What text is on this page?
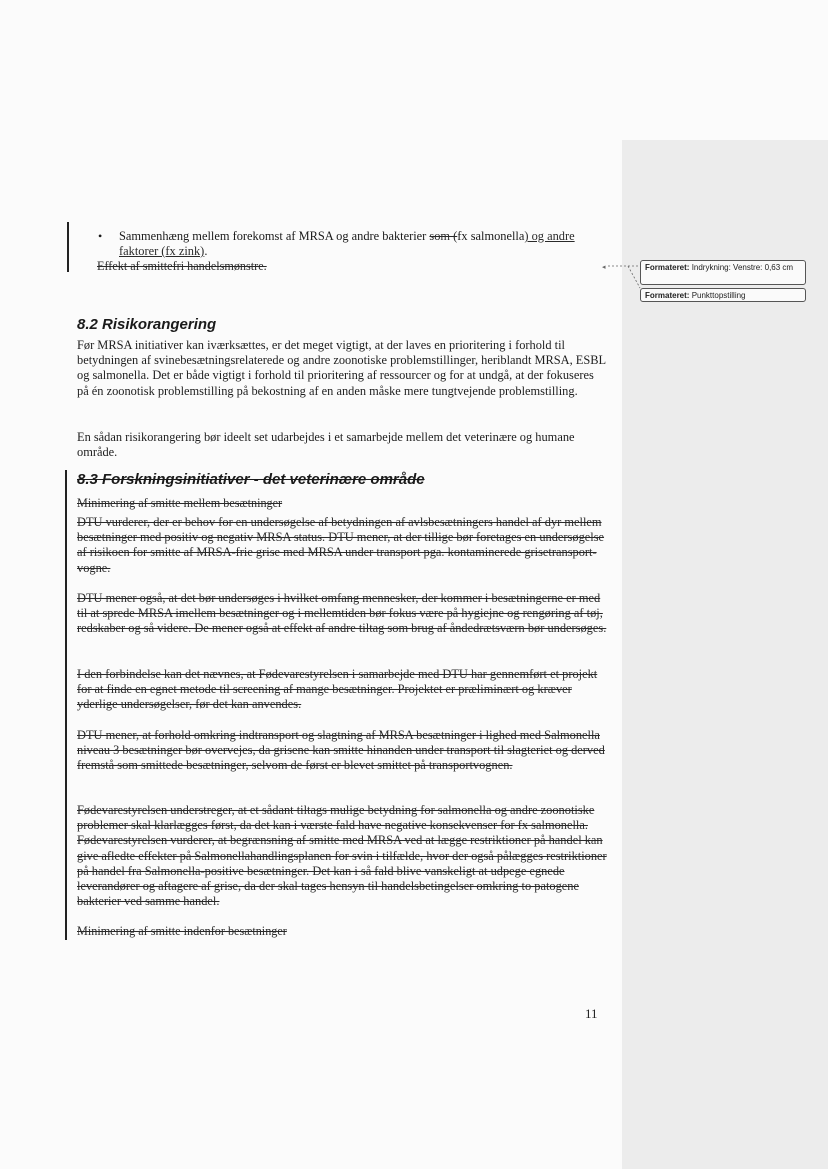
• Sammenhæng mellem forekomst af MRSA og andre bakterier som (fx salmonella) og andre
faktorer (fx zink).
Effekt af smittefri handelsmønstre.	◂	Formateret: Indrykning: Venstre: 0,63 cm
Formateret: Punkttopstilling
8.2 Risikorangering

Før MRSA initiativer kan iværksættes, er det meget vigtigt, at der laves en prioritering i forhold til betydningen af svinebesætningsrelaterede og andre zoonotiske problemstillinger, heriblandt MRSA, ESBL og salmonella. Det er både vigtigt i forhold til prioritering af ressourcer og for at undgå, at der fokuseres på én zoonotisk problemstilling på bekostning af en anden måske mere tungtvejende problemstilling.

En sådan risikorangering bør ideelt set udarbejdes i et samarbejde mellem det veterinære og humane område.

8.3 Forskningsinitiativer - det veterinære område
Minimering af smitte mellem besætninger

DTU vurderer, der er behov for en undersøgelse af betydningen af avlsbesætningers handel af dyr mellem besætninger med positiv og negativ MRSA status. DTU mener, at der tillige bør foretages en undersøgelse af risikoen for smitte af MRSA-frie grise med MRSA under transport pga. kontaminerede grisetransport-vogne.

DTU mener også, at det bør undersøges i hvilket omfang mennesker, der kommer i besætningerne er med til at sprede MRSA imellem besætninger og i mellemtiden bør fokus være på hygiejne og rengøring af tøj, redskaber og så videre. De mener også at effekt af andre tiltag som brug af åndedrætsværn bør undersøges.

I den forbindelse kan det nævnes, at Fødevarestyrelsen i samarbejde med DTU har gennemført et projekt for at finde en egnet metode til screening af mange besætninger. Projektet er præliminært og kræver yderlige undersøgelser, før det kan anvendes.

DTU mener, at forhold omkring indtransport og slagtning af MRSA besætninger i lighed med Salmonella niveau 3 besætninger bør overvejes, da grisene kan smitte hinanden under transport til slagteriet og derved fremstå som smittede besætninger, selvom de først er blevet smittet på transportvognen.

Fødevarestyrelsen understreger, at et sådant tiltags mulige betydning for salmonella og andre zoonotiske problemer skal klarlægges først, da det kan i værste fald have negative konsekvenser for fx salmonella. Fødevarestyrelsen vurderer, at begrænsning af smitte med MRSA ved at lægge restriktioner på handel kan give afledte effekter på Salmonellahandlingsplanen for svin i tilfælde, hvor der også pålægges restriktioner på handel fra Salmonella-positive besætninger. Det kan i så fald blive vanskeligt at udpege egnede leverandører og aftagere af grise, da der skal tages hensyn til handelsbetingelser omkring to patogene bakterier ved samme handel.

Minimering af smitte indenfor besætninger
11
